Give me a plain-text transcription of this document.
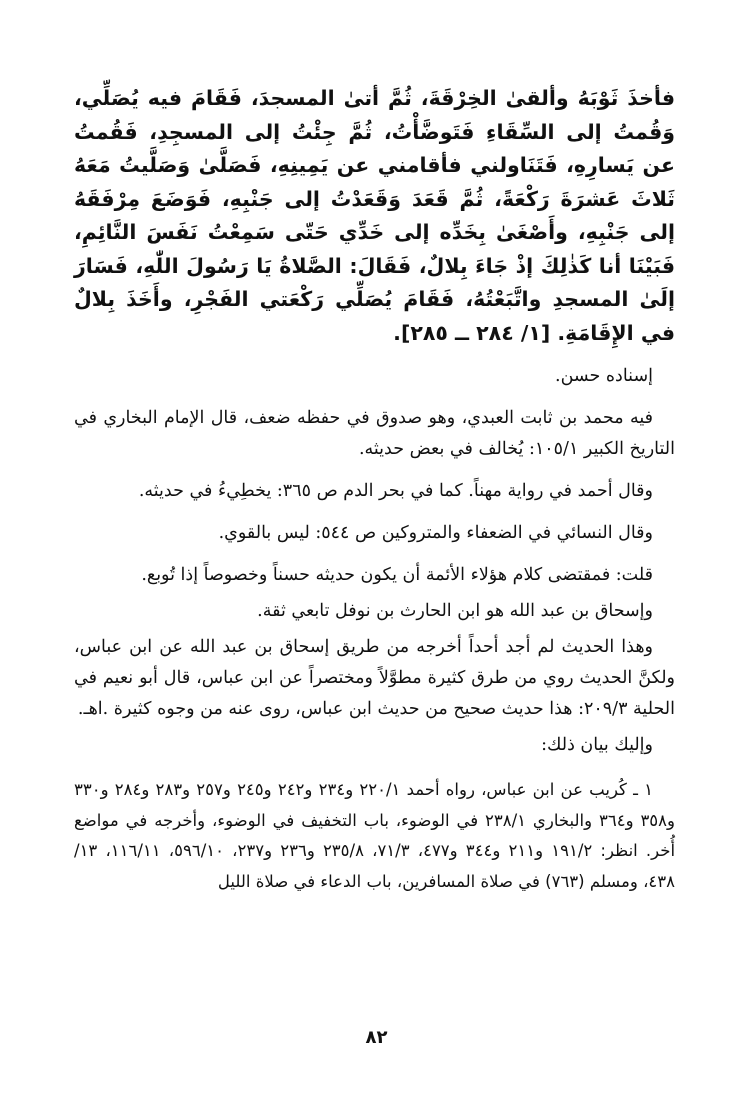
فأخذَ ثَوْبَهُ وألقىٰ الخِرْقَةَ، ثُمَّ أتىٰ المسجدَ، فَقَامَ فيه يُصَلِّي، وَقُمتُ إلى السِّقَاءِ فَتَوضَّأْتُ، ثُمَّ جِئْتُ إلى المسجِدِ، فَقُمتُ عن يَسارِهِ، فَتَنَاولني فأقامني عن يَمِينِهِ، فَصَلَّىٰ وَصَلَّيتُ مَعَهُ ثَلاثَ عَشرَةَ رَكْعَةً، ثُمَّ قَعَدَ وَقَعَدْتُ إلى جَنْبِهِ، فَوَضَعَ مِرْفَقَهُ إلى جَنْبِهِ، وأَصْغَىٰ بِخَدِّه إلى خَدِّي حَتّى سَمِعْتُ نَفَسَ النَّائِمِ، فَبَيْنَا أنا كَذٰلِكَ إذْ جَاءَ بِلالٌ، فَقَالَ: الصَّلاةُ يَا رَسُولَ اللّٰهِ، فَسَارَ إلَىٰ المسجدِ واتَّبَعْتُهُ، فَقَامَ يُصَلِّي رَكْعَتي الفَجْرِ، وأَخَذَ بِلالٌ في الإِقَامَةِ. [١/ ٢٨٤ ــ ٢٨٥].

إسناده حسن.

فيه محمد بن ثابت العبدي، وهو صدوق في حفظه ضعف، قال الإمام البخاري في التاريخ الكبير ١٠٥/١: يُخالف في بعض حديثه.

وقال أحمد في رواية مهناً. كما في بحر الدم ص ٣٦٥: يخطِيءُ في حديثه.

وقال النسائي في الضعفاء والمتروكين ص ٥٤٤: ليس بالقوي.

قلت: فمقتضى كلام هؤلاء الأئمة أن يكون حديثه حسناً وخصوصاً إذا تُوبع.

وإسحاق بن عبد الله هو ابن الحارث بن نوفل تابعي ثقة.

وهذا الحديث لم أجد أحداً أخرجه من طريق إسحاق بن عبد الله عن ابن عباس، ولكنَّ الحديث روي من طرق كثيرة مطوَّلاً ومختصراً عن ابن عباس، قال أبو نعيم في الحلية ٢٠٩/٣: هذا حديث صحيح من حديث ابن عباس، روى عنه من وجوه كثيرة .اهـ.

وإليك بيان ذلك:

١ ـ كُريب عن ابن عباس، رواه أحمد ٢٢٠/١ و٢٣٤ و٢٤٢ و٢٤٥ و٢٥٧ و٢٨٣ و٢٨٤ و٣٣٠ و٣٥٨ و٣٦٤ والبخاري ٢٣٨/١ في الوضوء، باب التخفيف في الوضوء، وأخرجه في مواضع أُخر. انظر: ١٩١/٢ و٢١١ و٣٤٤ و٤٧٧، ٧١/٣، ٢٣٥/٨ و٢٣٦ و٢٣٧، ٥٩٦/١٠، ١١٦/١١، ١٣/ ٤٣٨، ومسلم (٧٦٣) في صلاة المسافرين، باب الدعاء في صلاة الليل

٨٢
